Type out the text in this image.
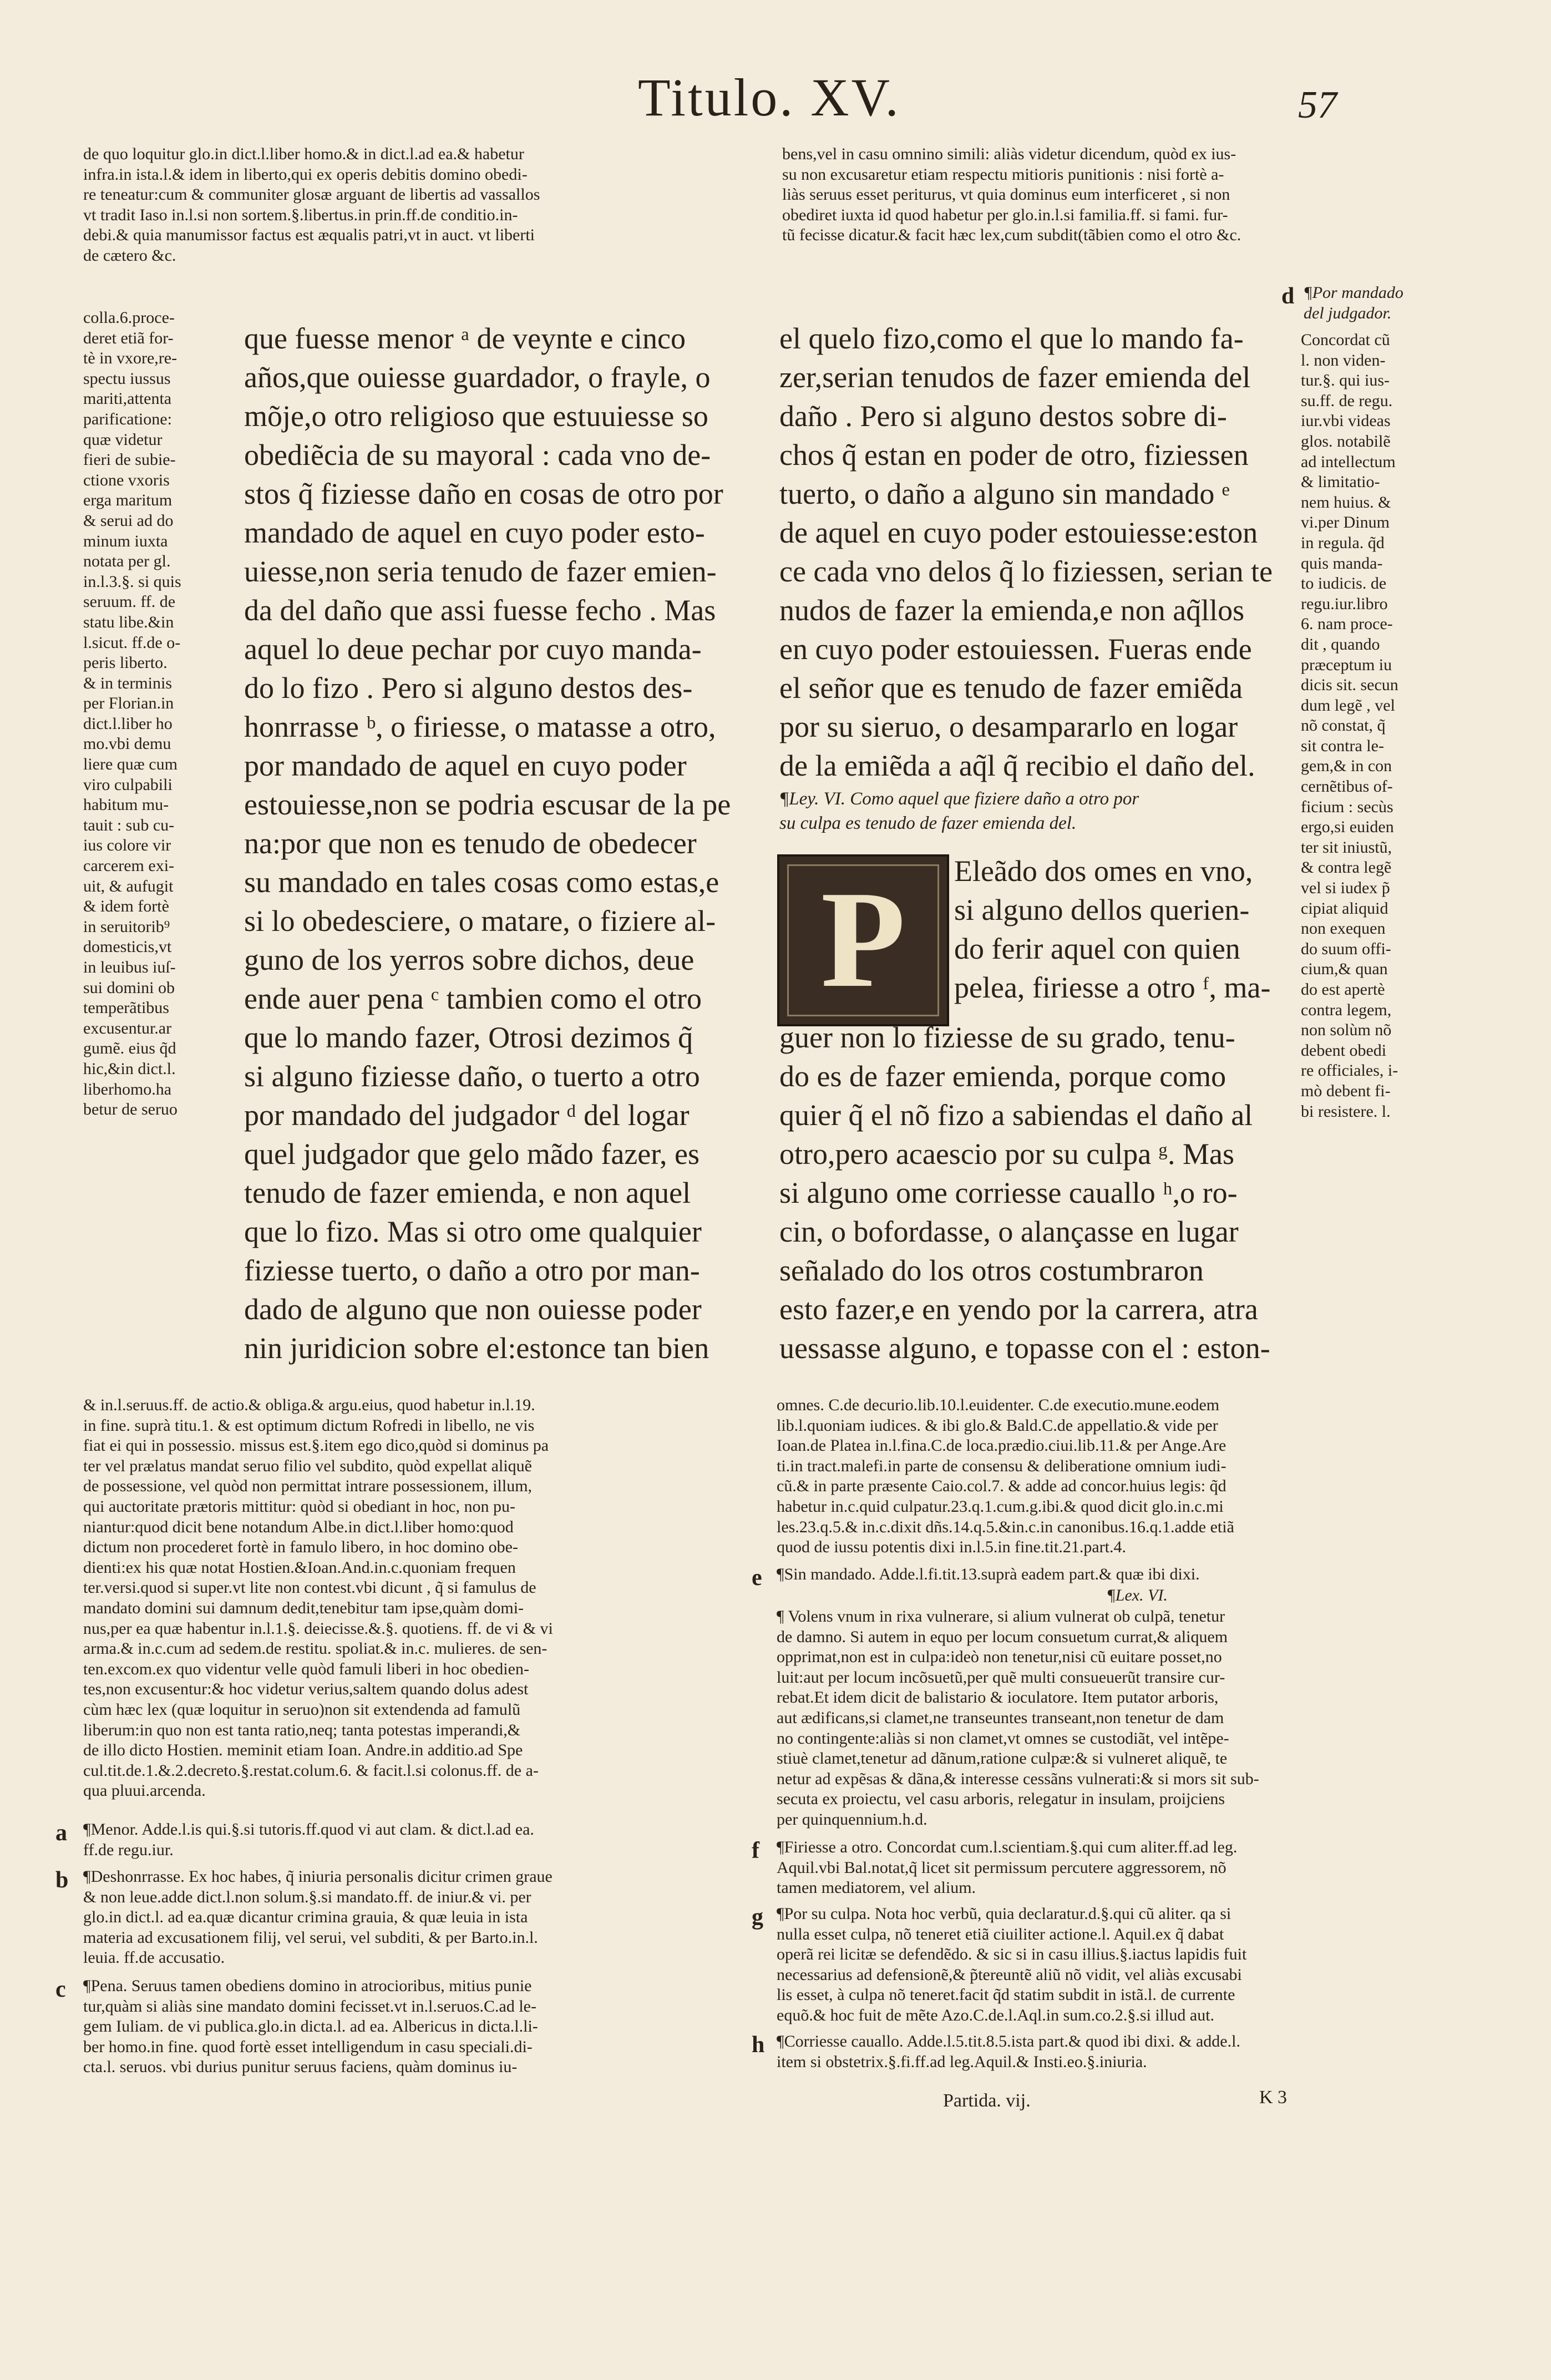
Titulo. XV.	57
de quo loquitur glo.in dict.l.liber homo.& in dict.l.ad ea.& habetur
infra.in ista.l.& idem in liberto,qui ex operis debitis domino obedi-
re teneatur:cum & communiter glosæ arguant de libertis ad vassallos
vt tradit Iaso in.l.si non sortem.§.libertus.in prin.ff.de conditio.in-
debi.& quia manumissor factus est æqualis patri,vt in auct. vt liberti
de cætero &c.
bens,vel in casu omnino simili: aliàs videtur dicendum, quòd ex ius-
su non excusaretur etiam respectu mitioris punitionis : nisi fortè a-
liàs seruus esset periturus, vt quia dominus eum interficeret , si non
obediret iuxta id quod habetur per glo.in.l.si familia.ff. si fami. fur-
tũ fecisse dicatur.& facit hæc lex,cum subdit(tãbien como el otro &c.
colla.6.proce-
deret etiã for-
tè in vxore,re-
spectu iussus
mariti,attenta
parificatione:
quæ videtur
fieri de subie-
ctione vxoris
erga maritum
& serui ad do
minum iuxta
notata per gl.
in.l.3.§. si quis
seruum. ff. de
statu libe.&in
l.sicut. ff.de o-
peris liberto.
& in terminis
per Florian.in
dict.l.liber ho
mo.vbi demu
liere quæ cum
viro culpabili
habitum mu-
tauit : sub cu-
ius colore vir
carcerem exi-
uit, & aufugit
& idem fortè
in seruitorib⁹
domesticis,vt
in leuibus iuſ-
sui domini ob
temperãtibus
excusentur.ar
gumẽ. eius q̃d
hic,&in dict.l.
liberhomo.ha
betur de seruo
que fuesse menor ᵃ de veynte e cinco
años,que ouiesse guardador, o frayle, o
mõje,o otro religioso que estuuiesse so
obediẽcia de su mayoral : cada vno de-
stos q̃ fiziesse daño en cosas de otro por
mandado de aquel en cuyo poder esto-
uiesse,non seria tenudo de fazer emien-
da del daño que assi fuesse fecho . Mas
aquel lo deue pechar por cuyo manda-
do lo fizo . Pero si alguno destos des-
honrrasse ᵇ, o firiesse, o matasse a otro,
por mandado de aquel en cuyo poder
estouiesse,non se podria escusar de la pe
na:por que non es tenudo de obedecer
su mandado en tales cosas como estas,e
si lo obedesciere, o matare, o fiziere al-
guno de los yerros sobre dichos, deue
ende auer pena ᶜ tambien como el otro
que lo mando fazer, Otrosi dezimos q̃
si alguno fiziesse daño, o tuerto a otro
por mandado del judgador ᵈ del logar
quel judgador que gelo mãdo fazer, es
tenudo de fazer emienda, e non aquel
que lo fizo. Mas si otro ome qualquier
fiziesse tuerto, o daño a otro por man-
dado de alguno que non ouiesse poder
nin juridicion sobre el:estonce tan bien
el quelo fizo,como el que lo mando fa-
zer,serian tenudos de fazer emienda del
daño . Pero si alguno destos sobre di-
chos q̃ estan en poder de otro, fiziessen
tuerto, o daño a alguno sin mandado ᵉ
de aquel en cuyo poder estouiesse:eston
ce cada vno delos q̃ lo fiziessen, serian te
nudos de fazer la emienda,e non aq̃llos
en cuyo poder estouiessen. Fueras ende
el señor que es tenudo de fazer emiẽda
por su sieruo, o desampararlo en logar
de la emiẽda a aq̃l q̃ recibio el daño del.
¶Ley. VI. Como aquel que fiziere daño a otro por
su culpa es tenudo de fazer emienda del.
P	Eleãdo dos omes en vno,
si alguno dellos querien-
do ferir aquel con quien
pelea, firiesse a otro ᶠ, ma-
guer non lo fiziesse de su grado, tenu-
do es de fazer emienda, porque como
quier q̃ el nõ fizo a sabiendas el daño al
otro,pero acaescio por su culpa ᵍ. Mas
si alguno ome corriesse cauallo ʰ,o ro-
cin, o bofordasse, o alançasse en lugar
señalado do los otros costumbraron
esto fazer,e en yendo por la carrera, atra
uessasse alguno, e topasse con el : eston-
d ¶Por mandado
del judgador.
Concordat cũ
l. non viden-
tur.§. qui ius-
su.ff. de regu.
iur.vbi videas
glos. notabilẽ
ad intellectum
& limitatio-
nem huius. &
vi.per Dinum
in regula. q̃d
quis manda-
to iudicis. de
regu.iur.libro
6. nam proce-
dit , quando
præceptum iu
dicis sit. secun
dum legẽ , vel
nõ constat, q̃
sit contra le-
gem,& in con
cernẽtibus of-
ficium : secùs
ergo,si euiden
ter sit iniustũ,
& contra legẽ
vel si iudex p̃
cipiat aliquid
non exequen
do suum offi-
cium,& quan
do est apertè
contra legem,
non solùm nõ
debent obedi
re officiales, i-
mò debent fi-
bi resistere. l.
& in.l.seruus.ff. de actio.& obliga.& argu.eius, quod habetur in.l.19.
in fine. suprà titu.1. & est optimum dictum Rofredi in libello, ne vis
fiat ei qui in possessio. missus est.§.item ego dico,quòd si dominus pa
ter vel prælatus mandat seruo filio vel subdito, quòd expellat aliquẽ
de possessione, vel quòd non permittat intrare possessionem, illum,
qui auctoritate prætoris mittitur: quòd si obediant in hoc, non pu-
niantur:quod dicit bene notandum Albe.in dict.l.liber homo:quod
dictum non procederet fortè in famulo libero, in hoc domino obe-
dienti:ex his quæ notat Hostien.&Ioan.And.in.c.quoniam frequen
ter.versi.quod si super.vt lite non contest.vbi dicunt , q̃ si famulus de
mandato domini sui damnum dedit,tenebitur tam ipse,quàm domi-
nus,per ea quæ habentur in.l.1.§. deiecisse.&.§. quotiens. ff. de vi & vi
arma.& in.c.cum ad sedem.de restitu. spoliat.& in.c. mulieres. de sen-
ten.excom.ex quo videntur velle quòd famuli liberi in hoc obedien-
tes,non excusentur:& hoc videtur verius,saltem quando dolus adest
cùm hæc lex (quæ loquitur in seruo)non sit extendenda ad famulũ
liberum:in quo non est tanta ratio,neq; tanta potestas imperandi,&
de illo dicto Hostien. meminit etiam Ioan. Andre.in additio.ad Spe
cul.tit.de.1.&.2.decreto.§.restat.colum.6. & facit.l.si colonus.ff. de a-
qua pluui.arcenda.
a ¶Menor. Adde.l.is qui.§.si tutoris.ff.quod vi aut clam. & dict.l.ad ea.
ff.de regu.iur.
b ¶Deshonrrasse. Ex hoc habes, q̃ iniuria personalis dicitur crimen graue
& non leue.adde dict.l.non solum.§.si mandato.ff. de iniur.& vi. per
glo.in dict.l. ad ea.quæ dicantur crimina grauia, & quæ leuia in ista
materia ad excusationem filij, vel serui, vel subditi, & per Barto.in.l.
leuia. ff.de accusatio.
c	¶Pena. Seruus tamen obediens domino in atrocioribus, mitius punie
tur,quàm si aliàs sine mandato domini fecisset.vt in.l.seruos.C.ad le-
gem Iuliam. de vi publica.glo.in dicta.l. ad ea. Albericus in dicta.l.li-
ber homo.in fine. quod fortè esset intelligendum in casu speciali.di-
cta.l. seruos. vbi durius punitur seruus faciens, quàm dominus iu-
omnes. C.de decurio.lib.10.l.euidenter. C.de executio.mune.eodem
lib.l.quoniam iudices. & ibi glo.& Bald.C.de appellatio.& vide per
Ioan.de Platea in.l.fina.C.de loca.prædio.ciui.lib.11.& per Ange.Are
ti.in tract.malefi.in parte de consensu & deliberatione omnium iudi-
cũ.& in parte præsente Caio.col.7. & adde ad concor.huius legis: q̃d
habetur in.c.quid culpatur.23.q.1.cum.g.ibi.& quod dicit glo.in.c.mi
les.23.q.5.& in.c.dixit dñs.14.q.5.&in.c.in canonibus.16.q.1.adde etiã
quod de iussu potentis dixi in.l.5.in fine.tit.21.part.4.
e ¶Sin mandado. Adde.l.fi.tit.13.suprà eadem part.& quæ ibi dixi.
¶Lex. VI.
¶ Volens vnum in rixa vulnerare, si alium vulnerat ob culpã, tenetur
de damno. Si autem in equo per locum consuetum currat,& aliquem
opprimat,non est in culpa:ideò non tenetur,nisi cũ euitare posset,no
luit:aut per locum incõsuetũ,per quẽ multi consueuerũt transire cur-
rebat.Et idem dicit de balistario & ioculatore. Item putator arboris,
aut ædificans,si clamet,ne transeuntes transeant,non tenetur de dam
no contingente:aliàs si non clamet,vt omnes se custodiãt, vel intẽpe-
stiuè clamet,tenetur ad dãnum,ratione culpæ:& si vulneret aliquẽ, te
netur ad expẽsas & dãna,& interesse cessãns vulnerati:& si mors sit sub-
secuta ex proiectu, vel casu arboris, relegatur in insulam, proijciens
per quinquennium.h.d.
f	¶Firiesse a otro. Concordat cum.l.scientiam.§.qui cum aliter.ff.ad leg.
Aquil.vbi Bal.notat,q̃ licet sit permissum percutere aggressorem, nõ
tamen mediatorem, vel alium.
g ¶Por su culpa. Nota hoc verbũ, quia declaratur.d.§.qui cũ aliter. qa si
nulla esset culpa, nõ teneret etiã ciuiliter actione.l. Aquil.ex q̃ dabat
operã rei licitæ se defendẽdo. & sic si in casu illius.§.iactus lapidis fuit
necessarius ad defensionẽ,& p̃tereuntẽ aliũ nõ vidit, vel aliàs excusabi
lis esset, à culpa nõ teneret.facit q̃d statim subdit in istã.l. de currente
equõ.& hoc fuit de mẽte Azo.C.de.l.Aql.in sum.co.2.§.si illud aut.
h ¶Corriesse cauallo. Adde.l.5.tit.8.5.ista part.& quod ibi dixi. & adde.l.
item si obstetrix.§.fi.ff.ad leg.Aquil.& Insti.eo.§.iniuria.
Partida. vij.	K 3
